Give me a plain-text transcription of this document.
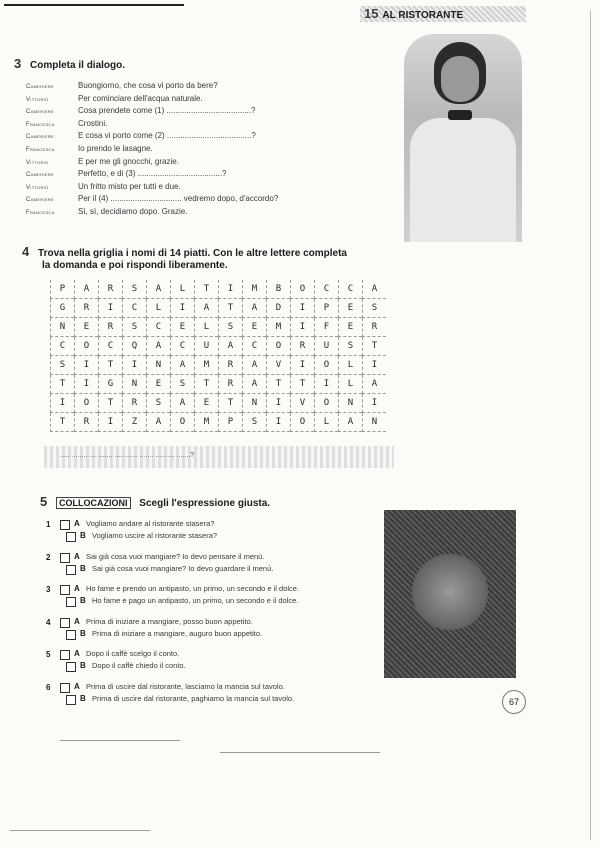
15 AL RISTORANTE
3 Completa il dialogo.
Cameriere	Buongiorno, che cosa vi porto da bere?
Vittorio	Per cominciare dell'acqua naturale.
Cameriere	Cosa prendete come (1) ......................................?
Francesca	Crostini.
Cameriere	E cosa vi porto come (2) ......................................?
Francesca	Io prendo le lasagne.
Vittorio	E per me gli gnocchi, grazie.
Cameriere	Perfetto, e di (3) ......................................?
Vittorio	Un fritto misto per tutti e due.
Cameriere	Per il (4) ................................ vedremo dopo, d'accordo?
Francesca	Sì, sì, decidiamo dopo. Grazie.
4 Trova nella griglia i nomi di 14 piatti. Con le altre lettere completa
la domanda e poi rispondi liberamente.
P	A	R	S	A	L	T	I	M	B	O	C	C	A
G	R	I	C	L	I	A	T	A	D	I	P	E	S
N	E	R	S	C	E	L	S	E	M	I	F	E	R
C	O	C	Q	A	C	U	A	C	O	R	U	S	T
S	I	T	I	N	A	M	R	A	V	I	O	L	I
T	I	G	N	E	S	T	R	A	T	T	I	L	A
I	O	T	R	S	A	E	T	N	I	V	O	N	I
T	R	I	Z	A	O	M	P	S	I	O	L	A	N
..... ........ .... ....... .... ....... ....... ..... .... .......?
5 COLLOCAZIONI Scegli l'espressione giusta.
1	A Vogliamo andare al ristorante stasera?
B Vogliamo uscire al ristorante stasera?
2	A Sai già cosa vuoi mangiare? Io devo pensare il menù.
B Sai già cosa vuoi mangiare? Io devo guardare il menù.
3	A Ho fame e prendo un antipasto, un primo, un secondo e il dolce.
B Ho fame e pago un antipasto, un primo, un secondo e il dolce.
4	A Prima di iniziare a mangiare, posso buon appetito.
B Prima di iniziare a mangiare, auguro buon appetito.
5	A Dopo il caffè scelgo il conto.
B Dopo il caffè chiedo il conto.
6	A Prima di uscire dal ristorante, lasciamo la mancia sul tavolo.
B Prima di uscire dal ristorante, paghiamo la mancia sul tavolo.	67
